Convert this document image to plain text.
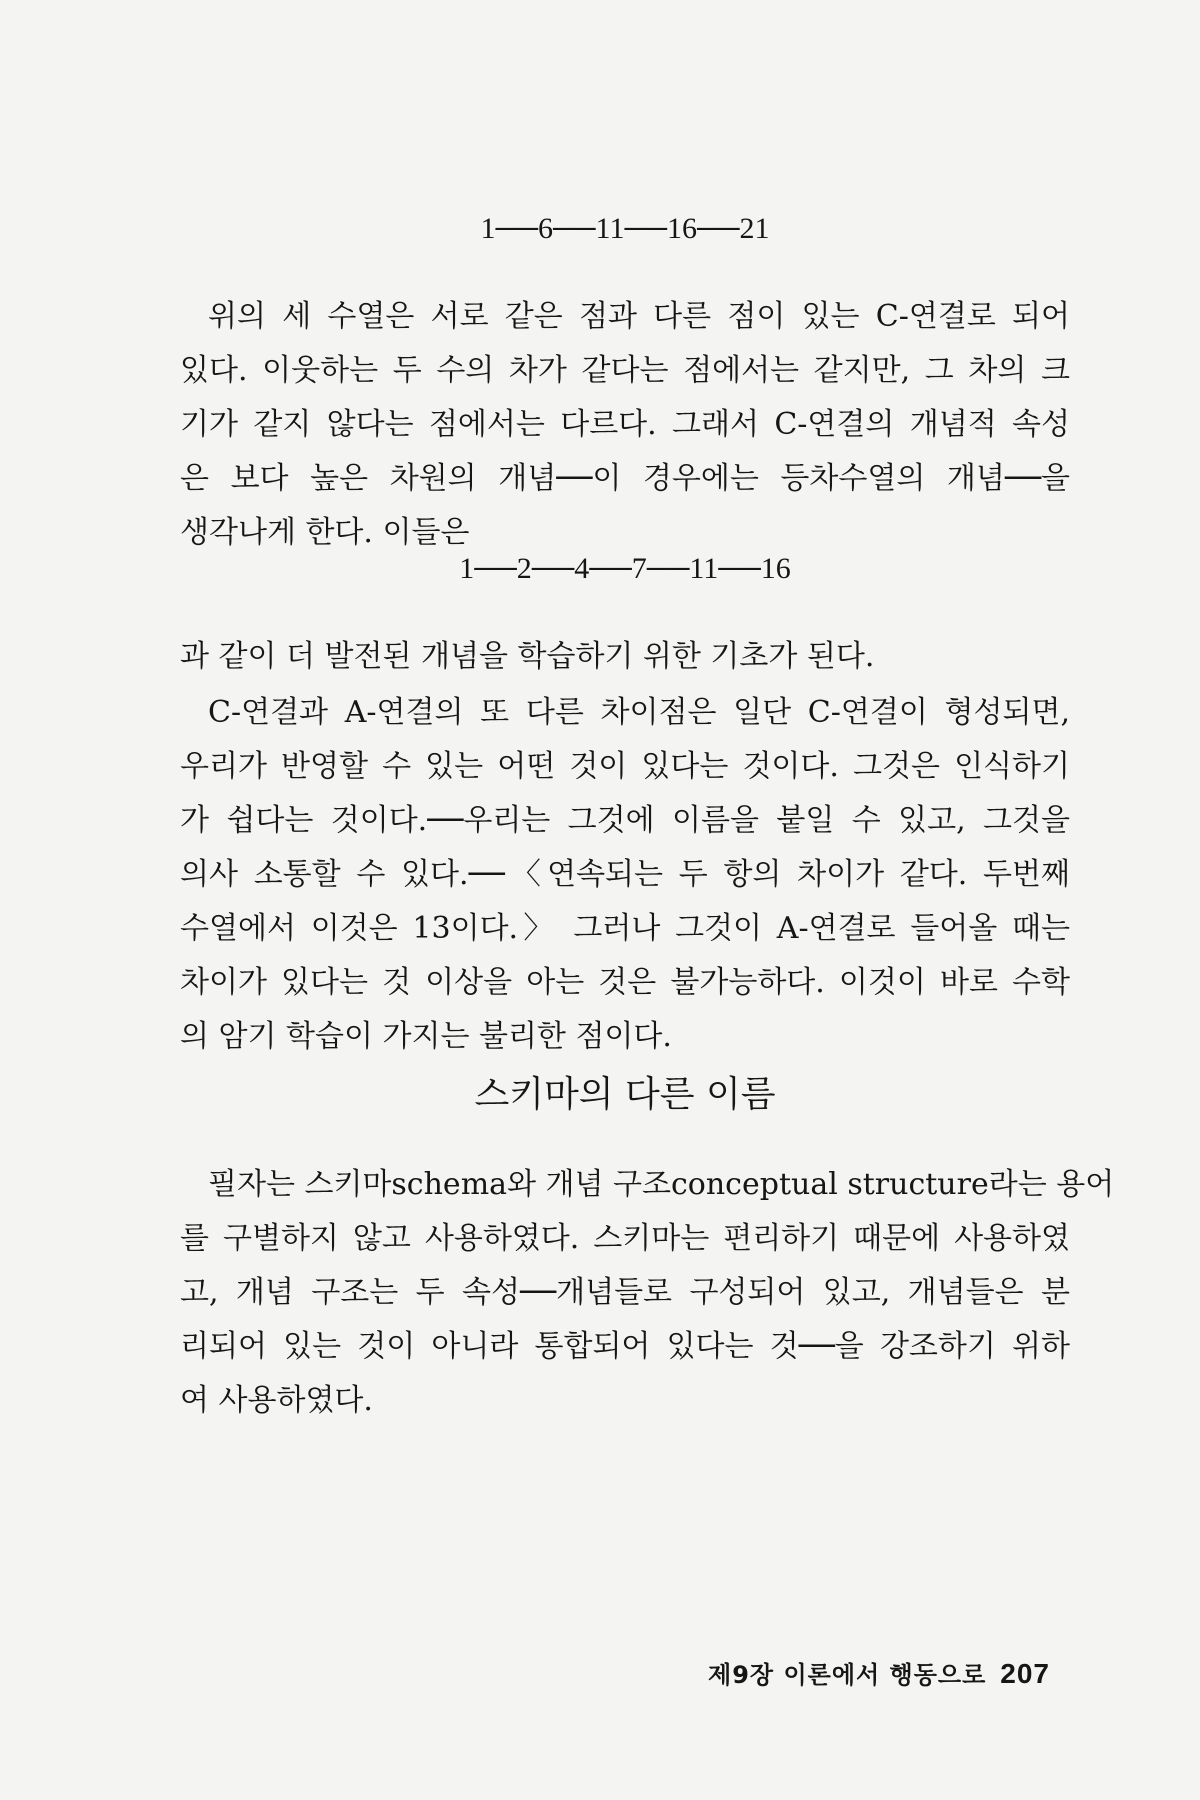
1──6──11──16──21
위의 세 수열은 서로 같은 점과 다른 점이 있는 C-연결로 되어
있다. 이웃하는 두 수의 차가 같다는 점에서는 같지만, 그 차의 크
기가 같지 않다는 점에서는 다르다. 그래서 C-연결의 개념적 속성
은 보다 높은 차원의 개념──이 경우에는 등차수열의 개념──을
생각나게 한다. 이들은
1──2──4──7──11──16
과 같이 더 발전된 개념을 학습하기 위한 기초가 된다.
C-연결과 A-연결의 또 다른 차이점은 일단 C-연결이 형성되면,
우리가 반영할 수 있는 어떤 것이 있다는 것이다. 그것은 인식하기
가 쉽다는 것이다.──우리는 그것에 이름을 붙일 수 있고, 그것을
의사 소통할 수 있다.──〈연속되는 두 항의 차이가 같다. 두번째
수열에서 이것은 13이다.〉 그러나 그것이 A-연결로 들어올 때는
차이가 있다는 것 이상을 아는 것은 불가능하다. 이것이 바로 수학
의 암기 학습이 가지는 불리한 점이다.
스키마의 다른 이름
필자는 스키마schema와 개념 구조conceptual structure라는 용어
를 구별하지 않고 사용하였다. 스키마는 편리하기 때문에 사용하였
고, 개념 구조는 두 속성──개념들로 구성되어 있고, 개념들은 분
리되어 있는 것이 아니라 통합되어 있다는 것──을 강조하기 위하
여 사용하였다.
제9장 이론에서 행동으로 207
